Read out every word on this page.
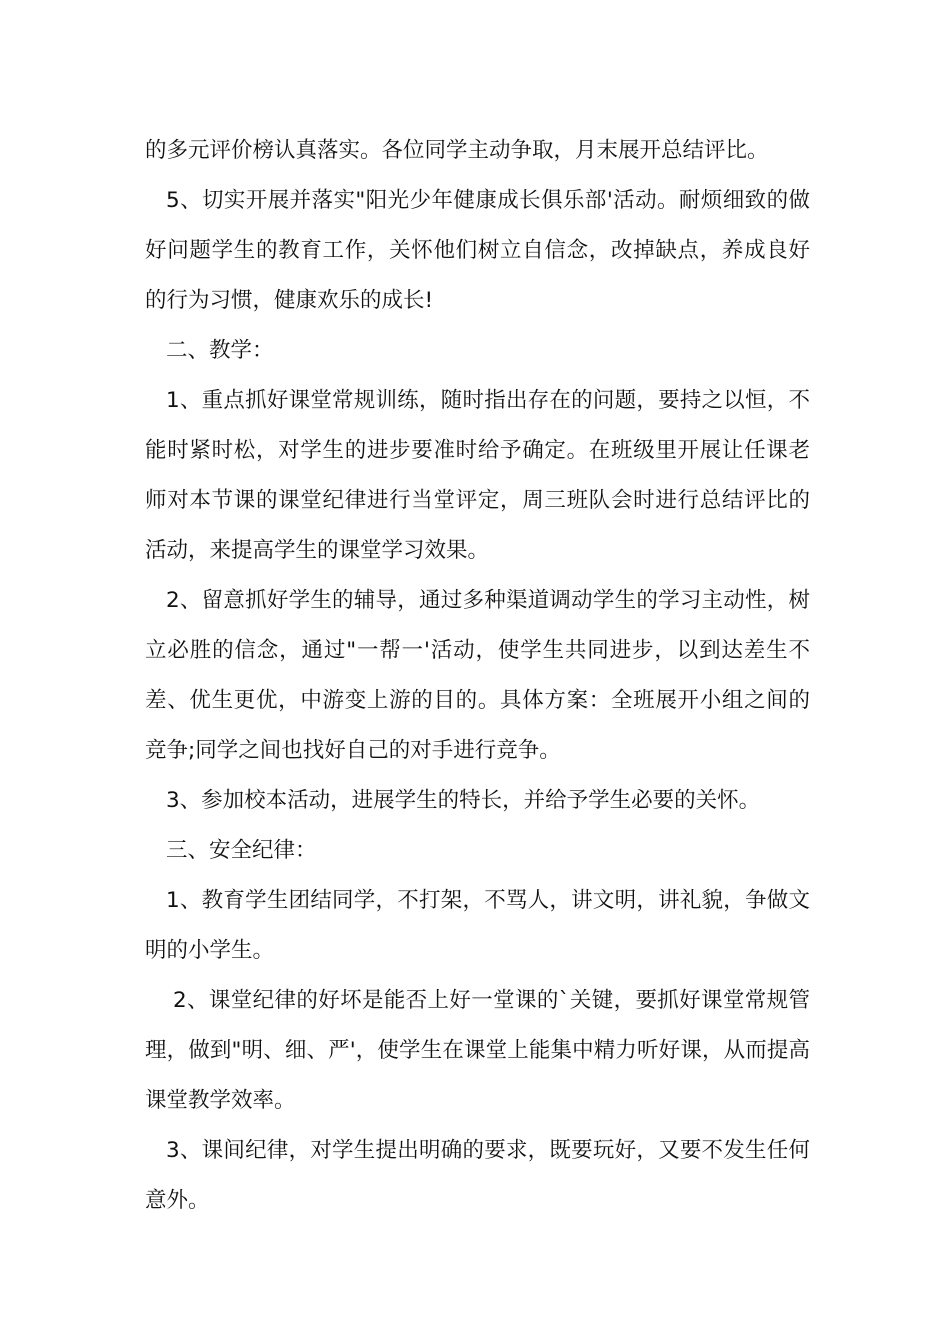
的多元评价榜认真落实。各位同学主动争取，月末展开总结评比。

5、切实开展并落实"阳光少年健康成长俱乐部'活动。耐烦细致的做好问题学生的教育工作，关怀他们树立自信念，改掉缺点，养成良好的行为习惯，健康欢乐的成长!

二、教学：

1、重点抓好课堂常规训练，随时指出存在的问题，要持之以恒，不能时紧时松，对学生的进步要准时给予确定。在班级里开展让任课老师对本节课的课堂纪律进行当堂评定，周三班队会时进行总结评比的活动，来提高学生的课堂学习效果。

2、留意抓好学生的辅导，通过多种渠道调动学生的学习主动性，树立必胜的信念，通过"一帮一'活动，使学生共同进步，以到达差生不差、优生更优，中游变上游的目的。具体方案：全班展开小组之间的竞争;同学之间也找好自己的对手进行竞争。

3、参加校本活动，进展学生的特长，并给予学生必要的关怀。

三、安全纪律：

1、教育学生团结同学，不打架，不骂人，讲文明，讲礼貌，争做文明的小学生。

2、课堂纪律的好坏是能否上好一堂课的`关键，要抓好课堂常规管理，做到"明、细、严'，使学生在课堂上能集中精力听好课，从而提高课堂教学效率。

3、课间纪律，对学生提出明确的要求，既要玩好，又要不发生任何意外。
